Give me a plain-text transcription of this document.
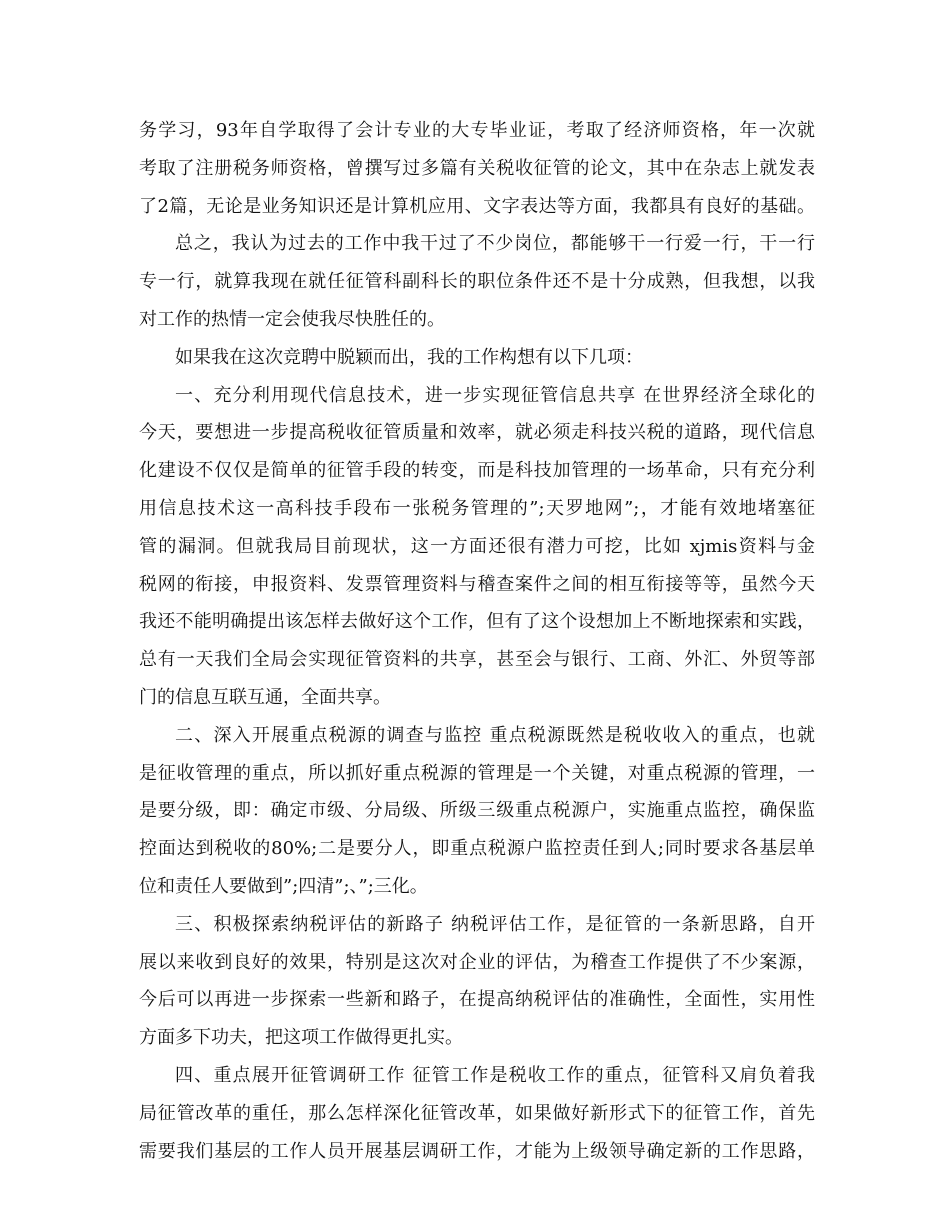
务学习，93年自学取得了会计专业的大专毕业证，考取了经济师资格，年一次就
考取了注册税务师资格，曾撰写过多篇有关税收征管的论文，其中在杂志上就发表
了2篇，无论是业务知识还是计算机应用、文字表达等方面，我都具有良好的基础。
总之，我认为过去的工作中我干过了不少岗位，都能够干一行爱一行，干一行
专一行，就算我现在就任征管科副科长的职位条件还不是十分成熟，但我想，以我
对工作的热情一定会使我尽快胜任的。
如果我在这次竞聘中脱颖而出，我的工作构想有以下几项：
一、充分利用现代信息技术，进一步实现征管信息共享 在世界经济全球化的
今天，要想进一步提高税收征管质量和效率，就必须走科技兴税的道路，现代信息
化建设不仅仅是简单的征管手段的转变，而是科技加管理的一场革命，只有充分利
用信息技术这一高科技手段布一张税务管理的”;天罗地网”;，才能有效地堵塞征
管的漏洞。但就我局目前现状，这一方面还很有潜力可挖，比如 xjmis资料与金
税网的衔接，申报资料、发票管理资料与稽查案件之间的相互衔接等等，虽然今天
我还不能明确提出该怎样去做好这个工作，但有了这个设想加上不断地探索和实践，
总有一天我们全局会实现征管资料的共享，甚至会与银行、工商、外汇、外贸等部
门的信息互联互通，全面共享。
二、深入开展重点税源的调查与监控 重点税源既然是税收收入的重点，也就
是征收管理的重点，所以抓好重点税源的管理是一个关键，对重点税源的管理，一
是要分级，即：确定市级、分局级、所级三级重点税源户，实施重点监控，确保监
控面达到税收的80%;二是要分人，即重点税源户监控责任到人;同时要求各基层单
位和责任人要做到”;四清”;、”;三化。
三、积极探索纳税评估的新路子 纳税评估工作，是征管的一条新思路，自开
展以来收到良好的效果，特别是这次对企业的评估，为稽查工作提供了不少案源，
今后可以再进一步探索一些新和路子，在提高纳税评估的准确性，全面性，实用性
方面多下功夫，把这项工作做得更扎实。
四、重点展开征管调研工作 征管工作是税收工作的重点，征管科又肩负着我
局征管改革的重任，那么怎样深化征管改革，如果做好新形式下的征管工作，首先
需要我们基层的工作人员开展基层调研工作，才能为上级领导确定新的工作思路，
